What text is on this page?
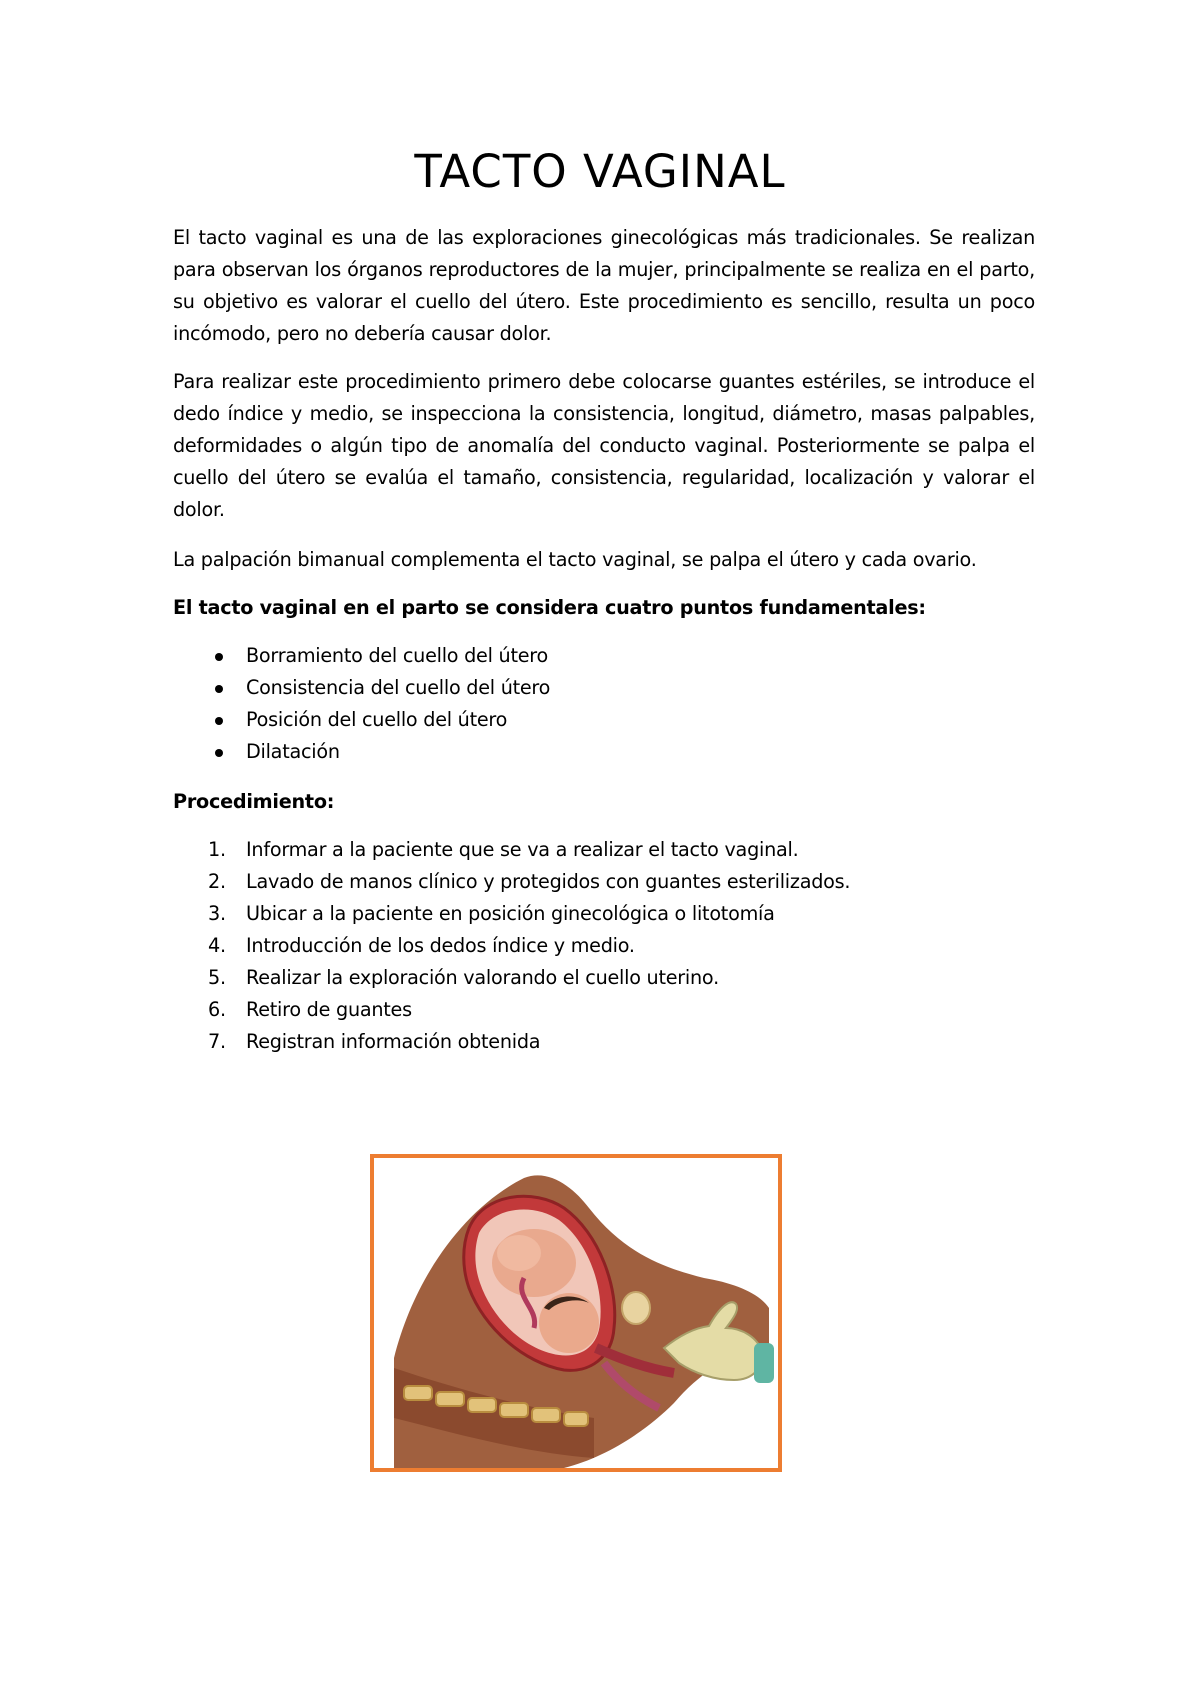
TACTO VAGINAL

El tacto vaginal es una de las exploraciones ginecológicas más tradicionales. Se realizan para observan los órganos reproductores de la mujer, principalmente se realiza en el parto, su objetivo es valorar el cuello del útero. Este procedimiento es sencillo, resulta un poco incómodo, pero no debería causar dolor.

Para realizar este procedimiento primero debe colocarse guantes estériles, se introduce el dedo índice y medio, se inspecciona la consistencia, longitud, diámetro, masas palpables, deformidades o algún tipo de anomalía del conducto vaginal. Posteriormente se palpa el cuello del útero se evalúa el tamaño, consistencia, regularidad, localización y valorar el dolor.

La palpación bimanual complementa el tacto vaginal, se palpa el útero y cada ovario.

El tacto vaginal en el parto se considera cuatro puntos fundamentales:

Borramiento del cuello del útero
Consistencia del cuello del útero
Posición del cuello del útero
Dilatación

Procedimiento:

1. Informar a la paciente que se va a realizar el tacto vaginal.
2. Lavado de manos clínico y protegidos con guantes esterilizados.
3. Ubicar a la paciente en posición ginecológica o litotomía
4. Introducción de los dedos índice y medio.
5. Realizar la exploración valorando el cuello uterino.
6. Retiro de guantes
7. Registran información obtenida
